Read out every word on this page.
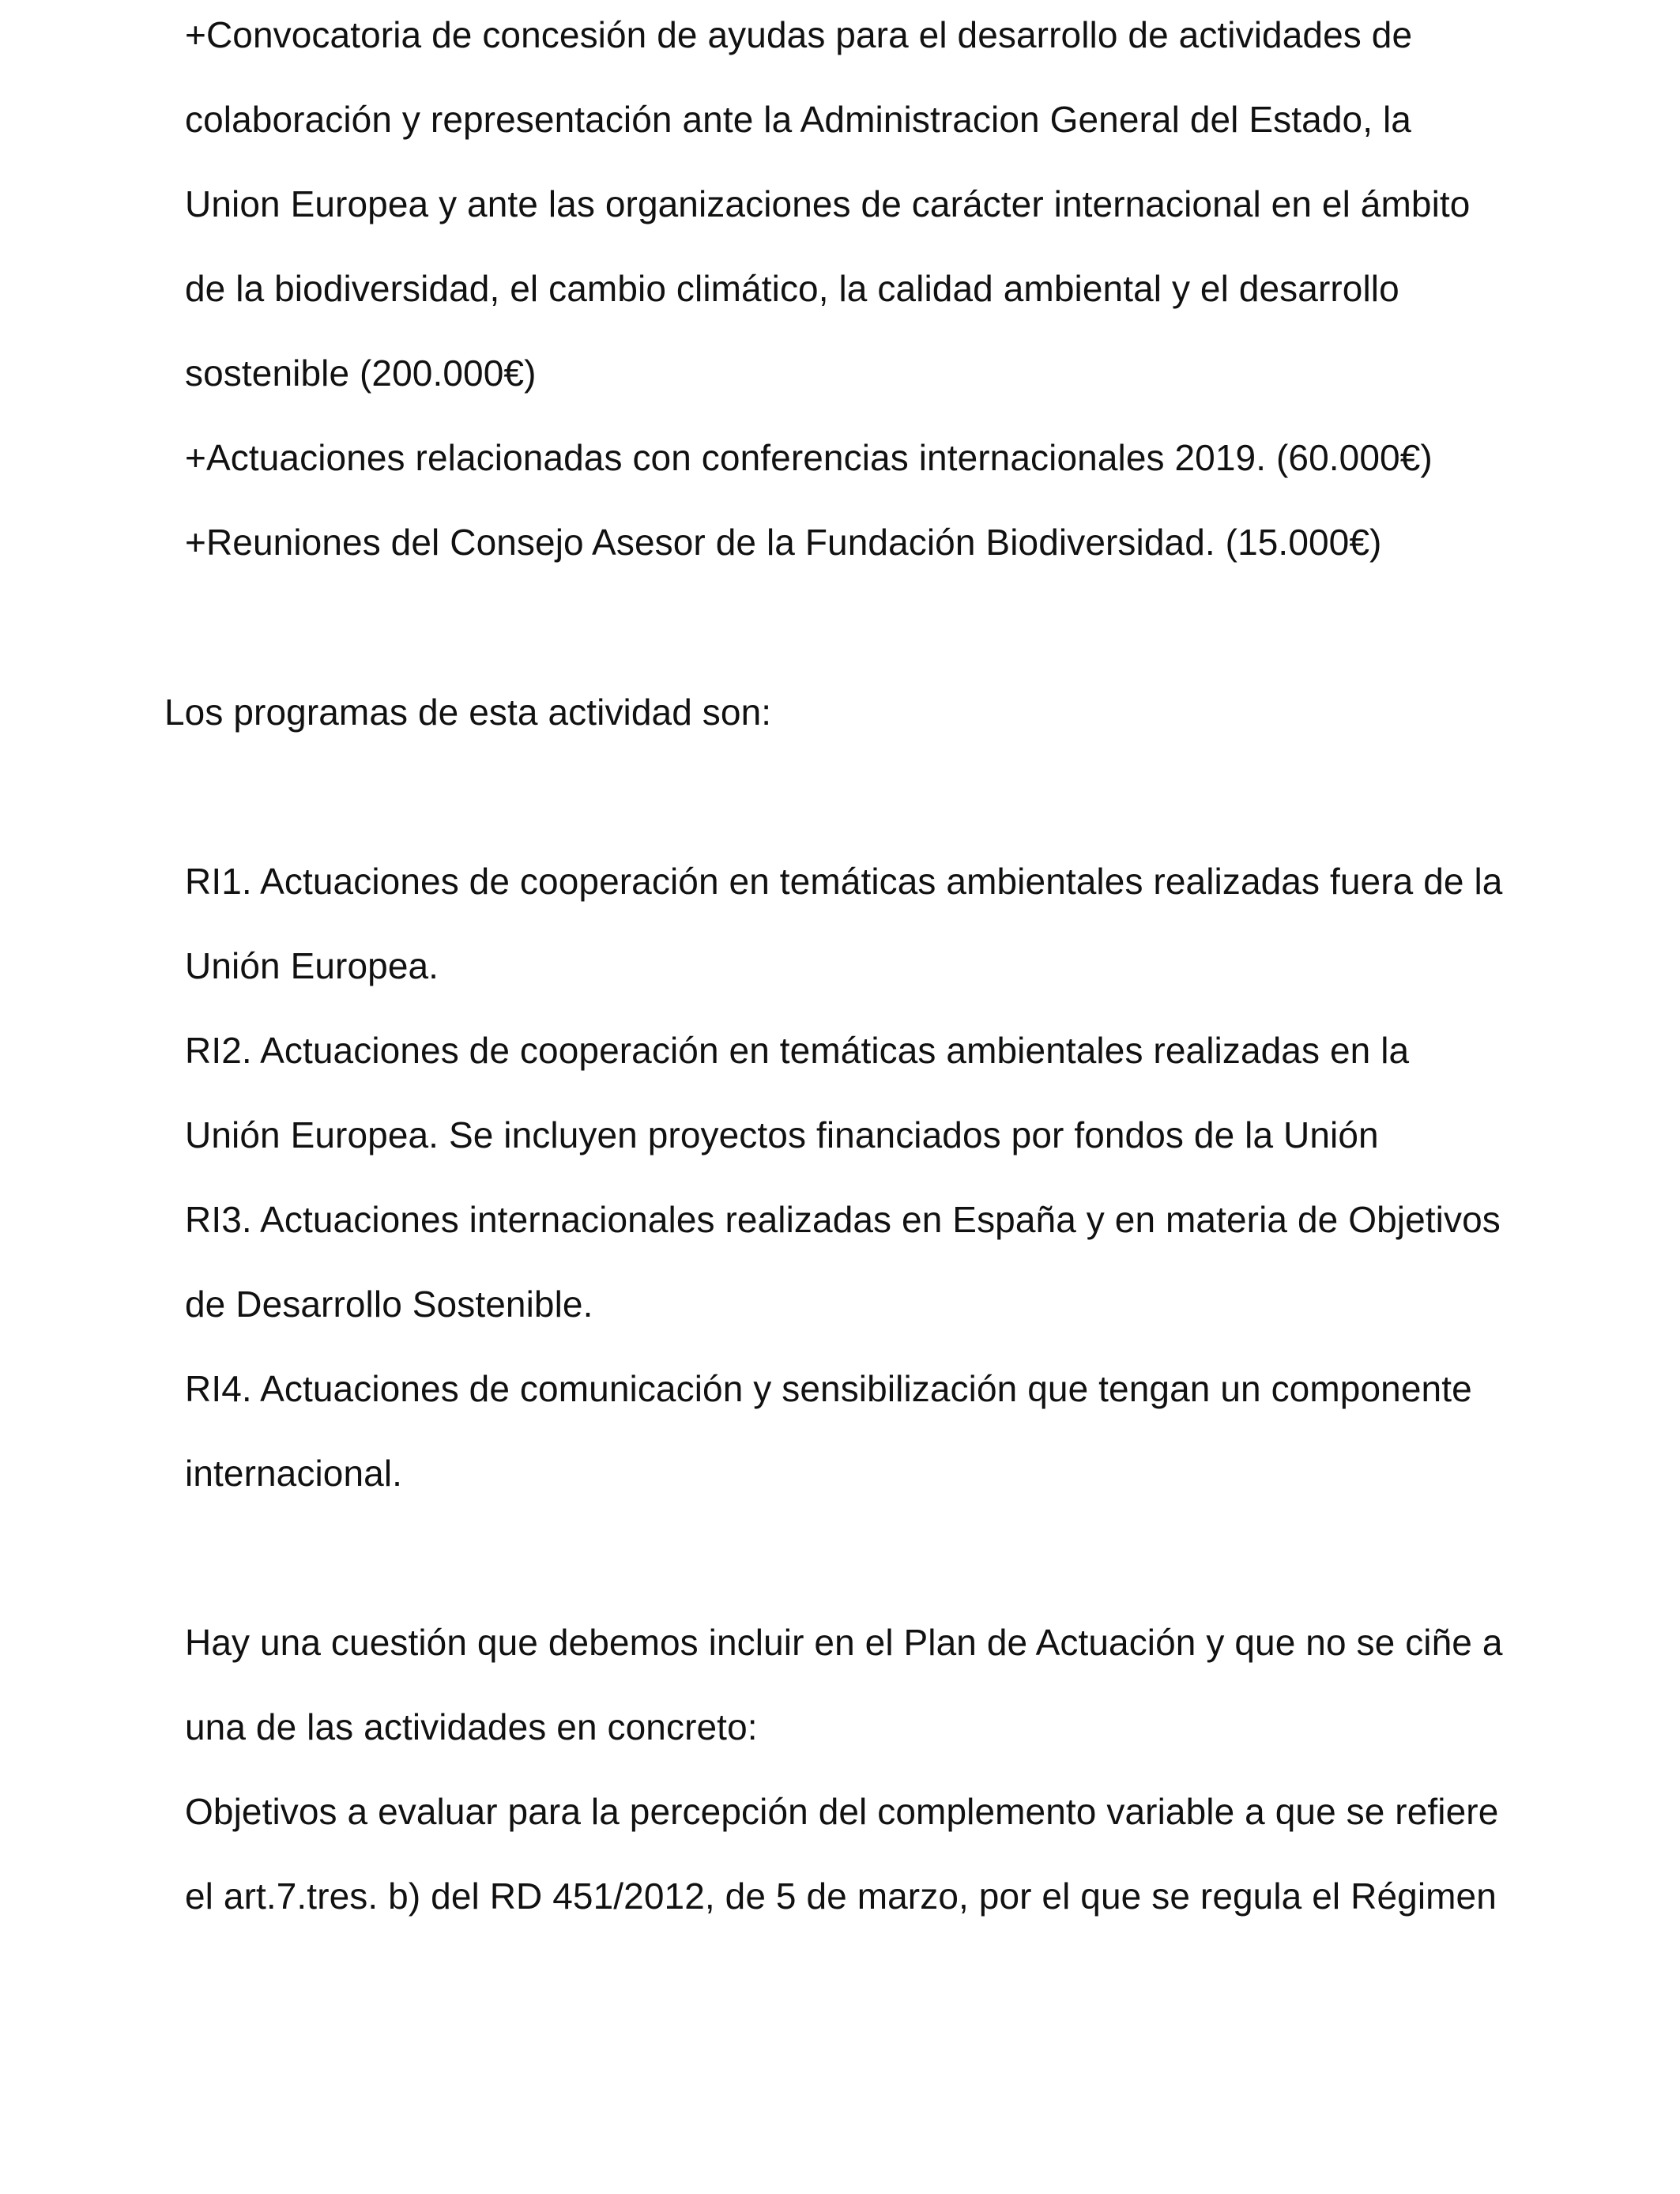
+Convocatoria de concesión de ayudas para el desarrollo de actividades de
colaboración y representación ante la Administracion General del Estado, la
Union Europea y ante las organizaciones de carácter internacional en el ámbito
de la biodiversidad, el cambio climático, la calidad ambiental y el desarrollo
sostenible (200.000€)
+Actuaciones relacionadas con conferencias internacionales 2019. (60.000€)
+Reuniones del Consejo Asesor de la Fundación Biodiversidad. (15.000€)
Los programas de esta actividad son:
RI1. Actuaciones de cooperación en temáticas ambientales realizadas fuera de la
Unión Europea.
RI2. Actuaciones de cooperación en temáticas ambientales realizadas en la
Unión Europea. Se incluyen proyectos financiados por fondos de la Unión
RI3. Actuaciones internacionales realizadas en España y en materia de Objetivos
de Desarrollo Sostenible.
RI4. Actuaciones de comunicación y sensibilización que tengan un componente
internacional.
Hay una cuestión que debemos incluir en el Plan de Actuación y que no se ciñe a
una de las actividades en concreto:
Objetivos a evaluar para la percepción del complemento variable a que se refiere
el art.7.tres. b) del RD 451/2012, de 5 de marzo, por el que se regula el Régimen
